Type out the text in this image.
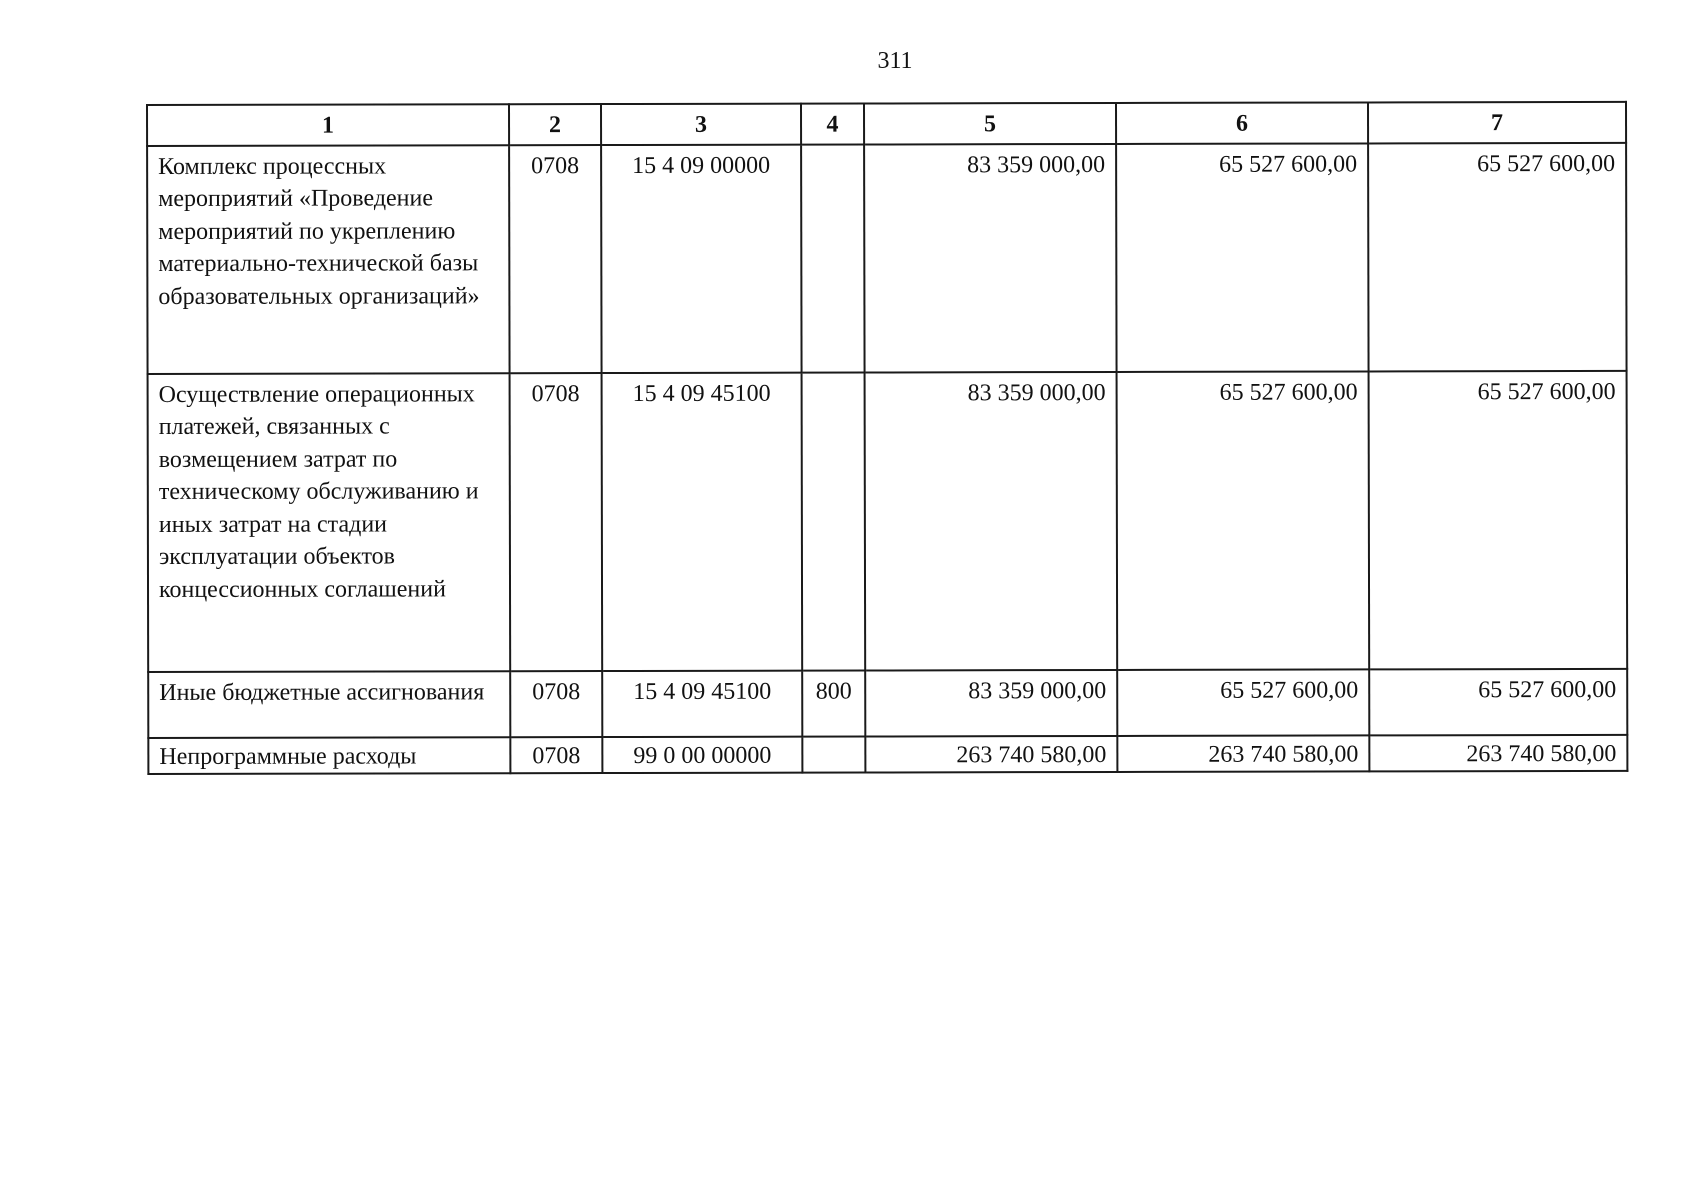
311
1	2	3	4	5	6	7
Комплекс процессных мероприятий «Проведение мероприятий по укреплению материально-технической базы образовательных организаций»	0708	15 4 09 00000		83 359 000,00	65 527 600,00	65 527 600,00
Осуществление операционных платежей, связанных с возмещением затрат по техническому обслуживанию и иных затрат на стадии эксплуатации объектов концессионных соглашений	0708	15 4 09 45100		83 359 000,00	65 527 600,00	65 527 600,00
Иные бюджетные ассигнования	0708	15 4 09 45100	800	83 359 000,00	65 527 600,00	65 527 600,00
Непрограммные расходы	0708	99 0 00 00000		263 740 580,00	263 740 580,00	263 740 580,00
